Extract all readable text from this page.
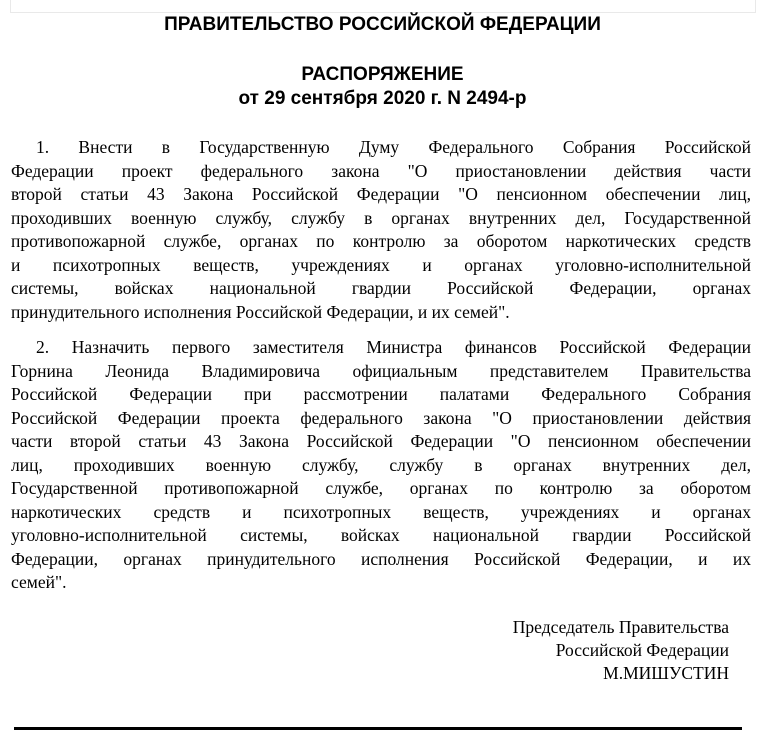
ПРАВИТЕЛЬСТВО РОССИЙСКОЙ ФЕДЕРАЦИИ
РАСПОРЯЖЕНИЕ
от 29 сентября 2020 г. N 2494-р
1. Внести в Государственную Думу Федерального Собрания Российской
Федерации проект федерального закона "О приостановлении действия части
второй статьи 43 Закона Российской Федерации "О пенсионном обеспечении лиц,
проходивших военную службу, службу в органах внутренних дел, Государственной
противопожарной службе, органах по контролю за оборотом наркотических средств
и психотропных веществ, учреждениях и органах уголовно-исполнительной
системы, войсках национальной гвардии Российской Федерации, органах
принудительного исполнения Российской Федерации, и их семей".
2. Назначить первого заместителя Министра финансов Российской Федерации
Горнина Леонида Владимировича официальным представителем Правительства
Российской Федерации при рассмотрении палатами Федерального Собрания
Российской Федерации проекта федерального закона "О приостановлении действия
части второй статьи 43 Закона Российской Федерации "О пенсионном обеспечении
лиц, проходивших военную службу, службу в органах внутренних дел,
Государственной противопожарной службе, органах по контролю за оборотом
наркотических средств и психотропных веществ, учреждениях и органах
уголовно-исполнительной системы, войсках национальной гвардии Российской
Федерации, органах принудительного исполнения Российской Федерации, и их
семей".
Председатель Правительства
Российской Федерации
М.МИШУСТИН
